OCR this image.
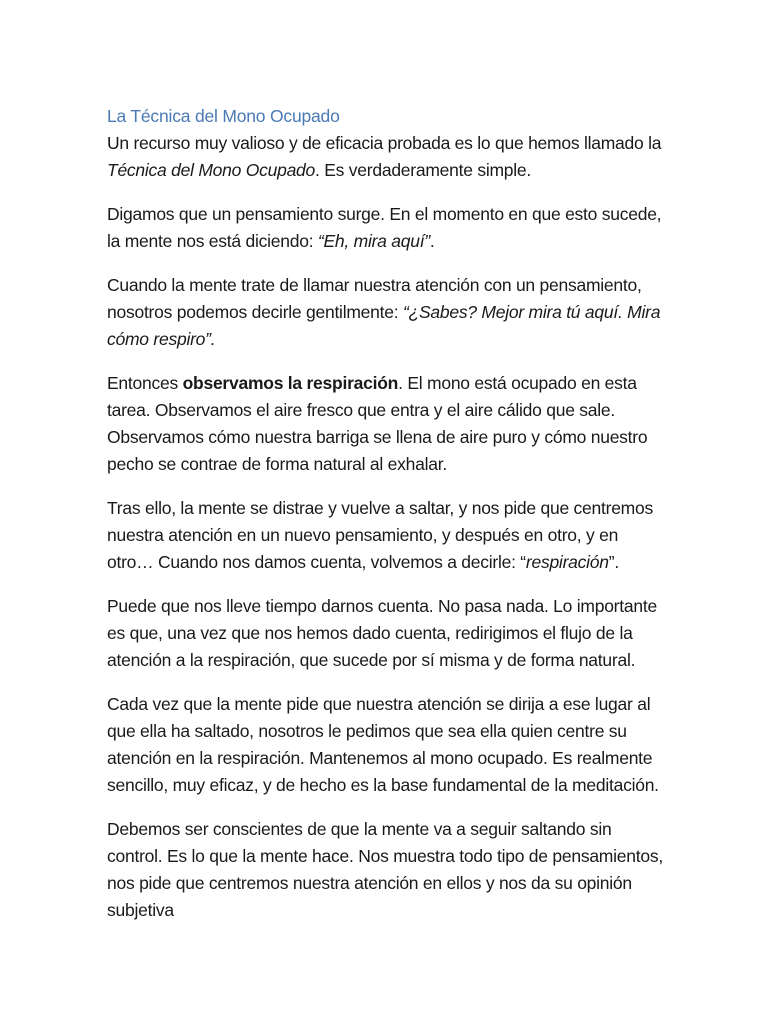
La Técnica del Mono Ocupado

Un recurso muy valioso y de eficacia probada es lo que hemos llamado la Técnica del Mono Ocupado. Es verdaderamente simple.

Digamos que un pensamiento surge. En el momento en que esto sucede, la mente nos está diciendo: “Eh, mira aquí”.

Cuando la mente trate de llamar nuestra atención con un pensamiento, nosotros podemos decirle gentilmente: “¿Sabes? Mejor mira tú aquí. Mira cómo respiro”.

Entonces observamos la respiración. El mono está ocupado en esta tarea. Observamos el aire fresco que entra y el aire cálido que sale. Observamos cómo nuestra barriga se llena de aire puro y cómo nuestro pecho se contrae de forma natural al exhalar.

Tras ello, la mente se distrae y vuelve a saltar, y nos pide que centremos nuestra atención en un nuevo pensamiento, y después en otro, y en otro… Cuando nos damos cuenta, volvemos a decirle: “respiración”.

Puede que nos lleve tiempo darnos cuenta. No pasa nada. Lo importante es que, una vez que nos hemos dado cuenta, redirigimos el flujo de la atención a la respiración, que sucede por sí misma y de forma natural.

Cada vez que la mente pide que nuestra atención se dirija a ese lugar al que ella ha saltado, nosotros le pedimos que sea ella quien centre su atención en la respiración. Mantenemos al mono ocupado. Es realmente sencillo, muy eficaz, y de hecho es la base fundamental de la meditación.

Debemos ser conscientes de que la mente va a seguir saltando sin control. Es lo que la mente hace. Nos muestra todo tipo de pensamientos, nos pide que centremos nuestra atención en ellos y nos da su opinión subjetiva
